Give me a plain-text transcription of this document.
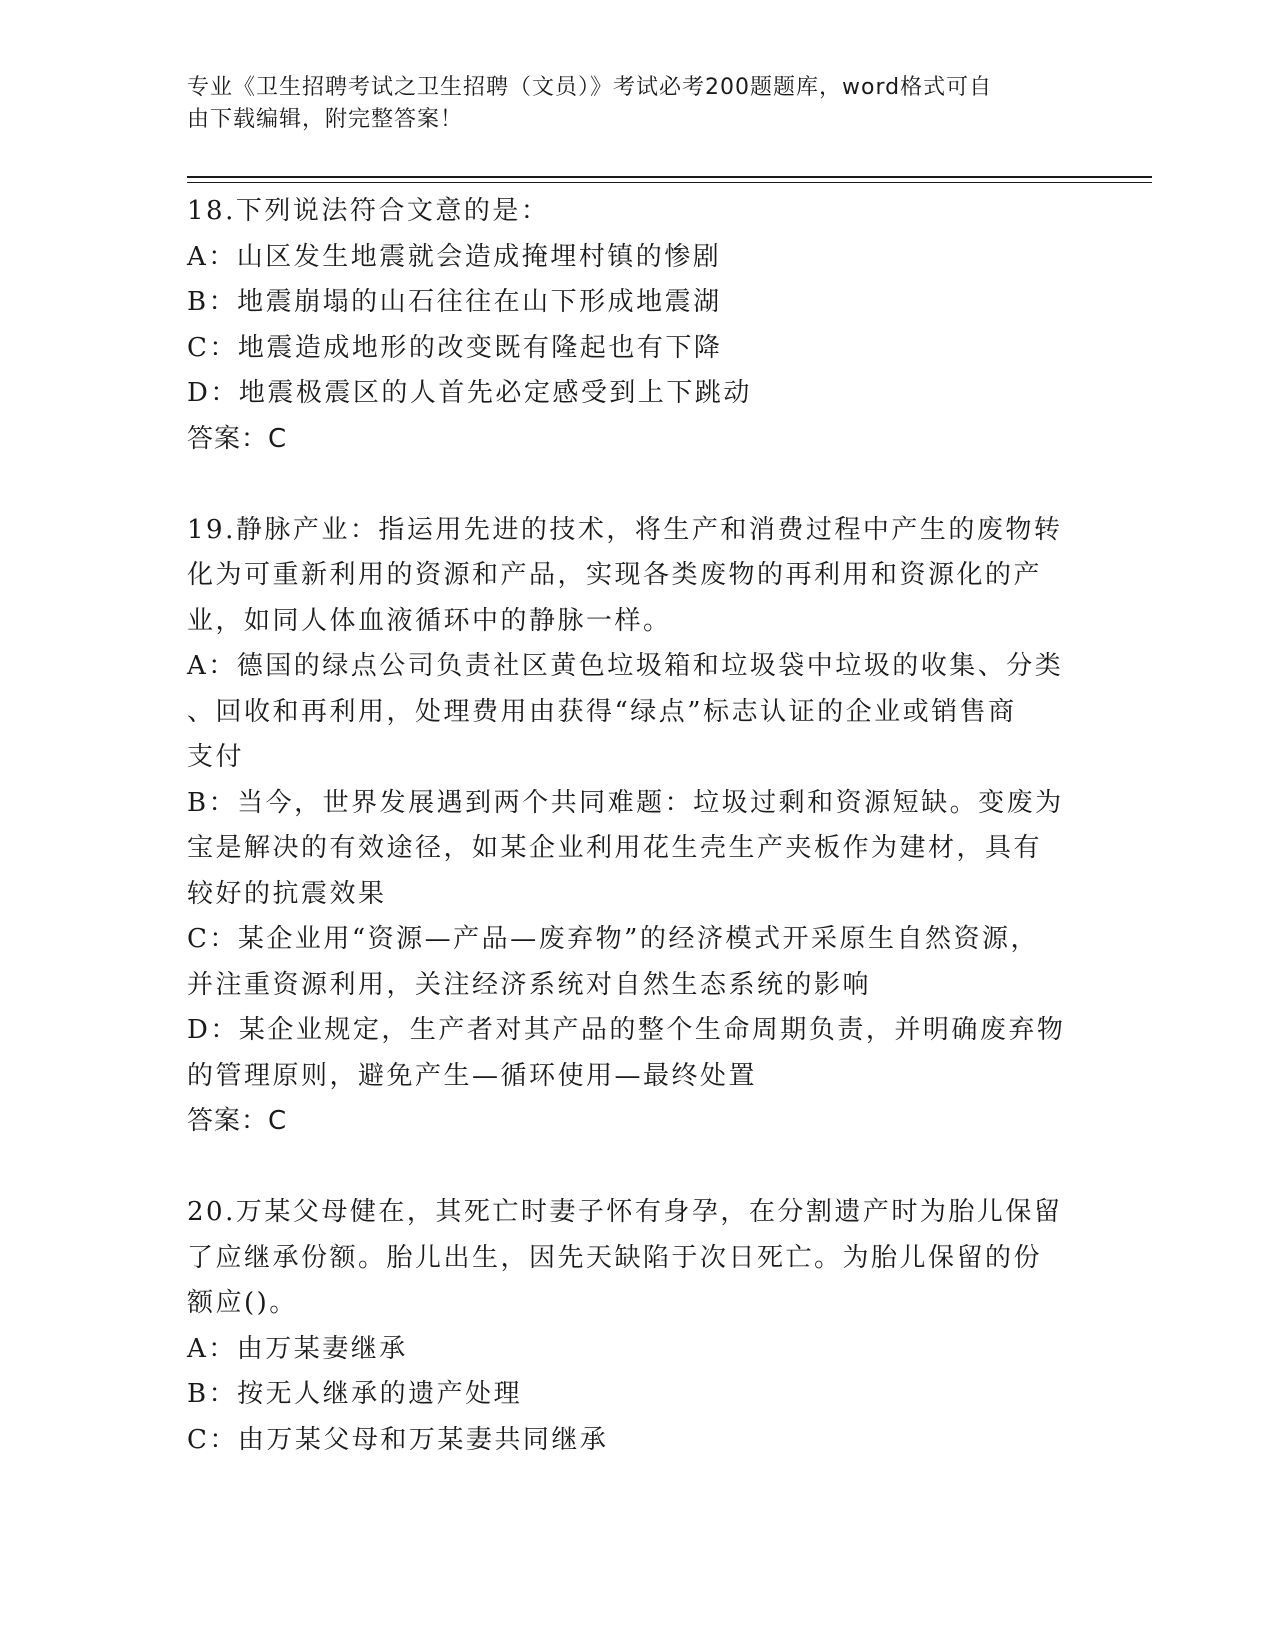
专业《卫生招聘考试之卫生招聘（文员）》考试必考200题题库，word格式可自
由下载编辑，附完整答案！
18.下列说法符合文意的是：
A：山区发生地震就会造成掩埋村镇的惨剧
B：地震崩塌的山石往往在山下形成地震湖
C：地震造成地形的改变既有隆起也有下降
D：地震极震区的人首先必定感受到上下跳动
答案：C
19.静脉产业：指运用先进的技术，将生产和消费过程中产生的废物转
化为可重新利用的资源和产品，实现各类废物的再利用和资源化的产
业，如同人体血液循环中的静脉一样。
A：德国的绿点公司负责社区黄色垃圾箱和垃圾袋中垃圾的收集、分类
、回收和再利用，处理费用由获得“绿点”标志认证的企业或销售商
支付
B：当今，世界发展遇到两个共同难题：垃圾过剩和资源短缺。变废为
宝是解决的有效途径，如某企业利用花生壳生产夹板作为建材，具有
较好的抗震效果
C：某企业用“资源—产品—废弃物”的经济模式开采原生自然资源，
并注重资源利用，关注经济系统对自然生态系统的影响
D：某企业规定，生产者对其产品的整个生命周期负责，并明确废弃物
的管理原则，避免产生—循环使用—最终处置
答案：C
20.万某父母健在，其死亡时妻子怀有身孕，在分割遗产时为胎儿保留
了应继承份额。胎儿出生，因先天缺陷于次日死亡。为胎儿保留的份
额应()。
A：由万某妻继承
B：按无人继承的遗产处理
C：由万某父母和万某妻共同继承
